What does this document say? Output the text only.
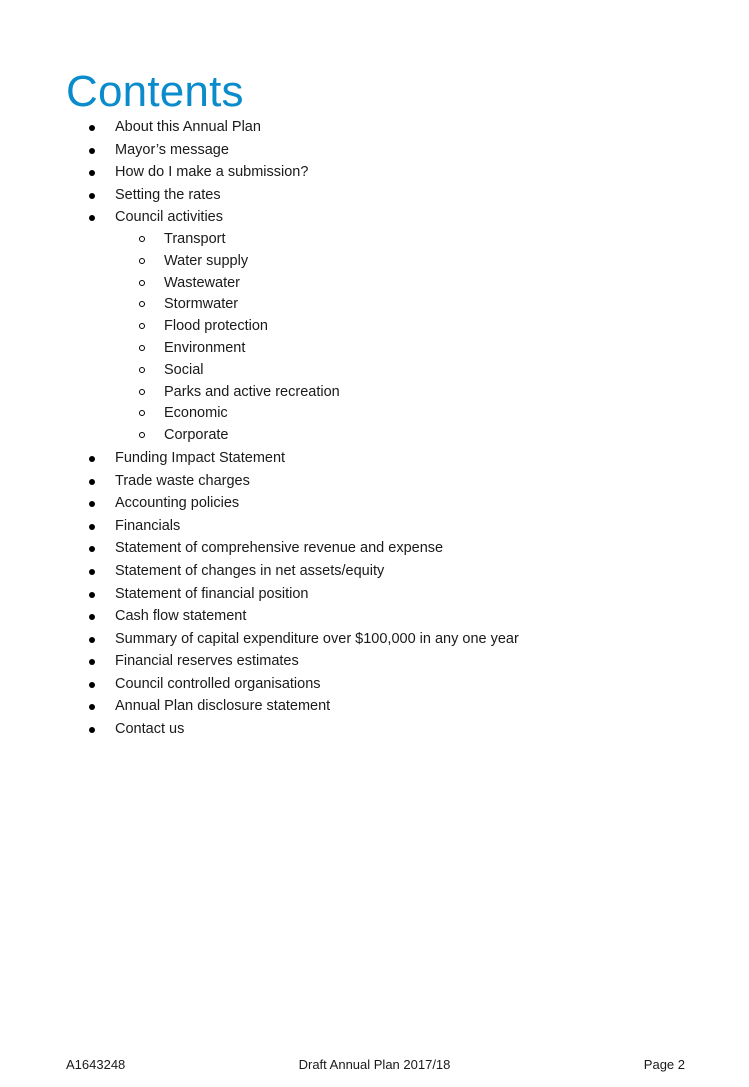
Contents
About this Annual Plan
Mayor’s message
How do I make a submission?
Setting the rates
Council activities
Transport
Water supply
Wastewater
Stormwater
Flood protection
Environment
Social
Parks and active recreation
Economic
Corporate
Funding Impact Statement
Trade waste charges
Accounting policies
Financials
Statement of comprehensive revenue and expense
Statement of changes in net assets/equity
Statement of financial position
Cash flow statement
Summary of capital expenditure over $100,000 in any one year
Financial reserves estimates
Council controlled organisations
Annual Plan disclosure statement
Contact us
A1643248	Draft Annual Plan 2017/18	Page 2
